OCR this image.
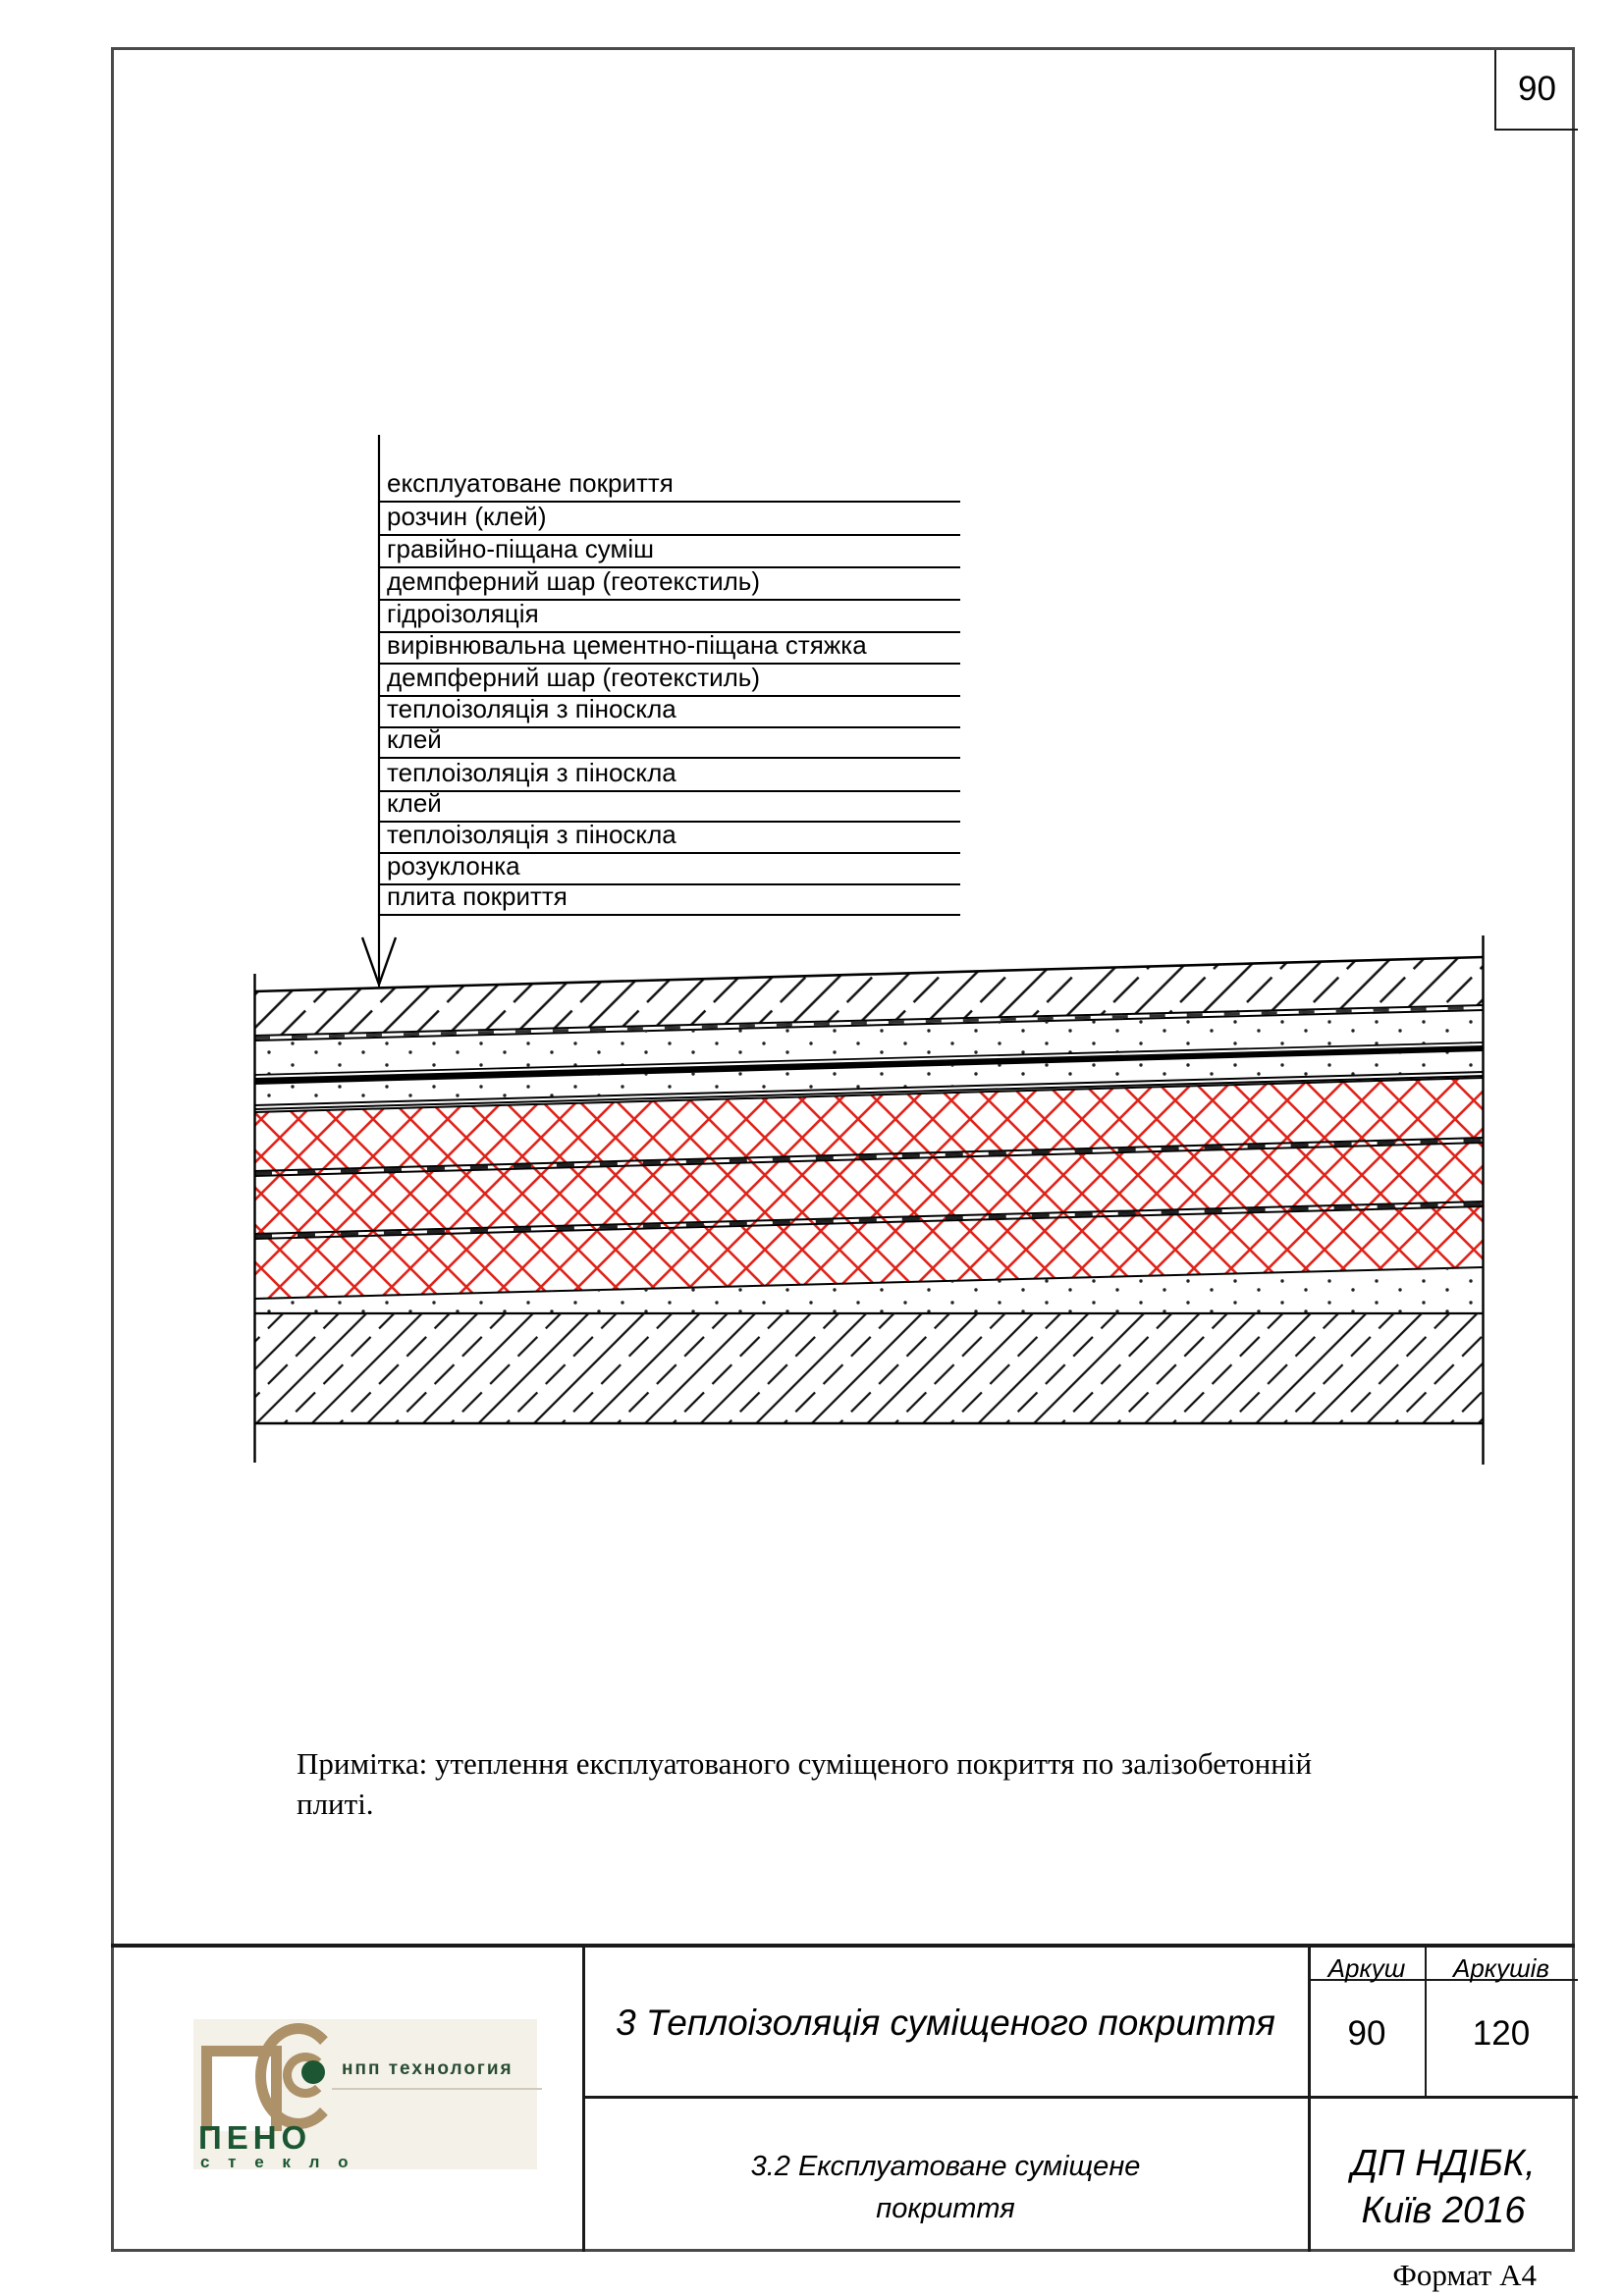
90
експлуатоване покриття
розчин (клей)
гравійно-піщана суміш
демпферний шар (геотекстиль)
гідроізоляція
вирівнювальна цементно-піщана стяжка
демпферний шар (геотекстиль)
теплоізоляція з піноскла
клей
теплоізоляція з піноскла
клей
теплоізоляція з піноскла
розуклонка
плита покриття
Примітка: утеплення експлуатованого суміщеного покриття по залізобетонній
плиті.
нпп технология
ПЕНО
с т е к л о
3 Теплоізоляція суміщеного покриття
Аркуш	Аркушів
90	120
3.2 Експлуатоване суміщене
покриття
ДП НДІБК,
Київ 2016
Формат А4
